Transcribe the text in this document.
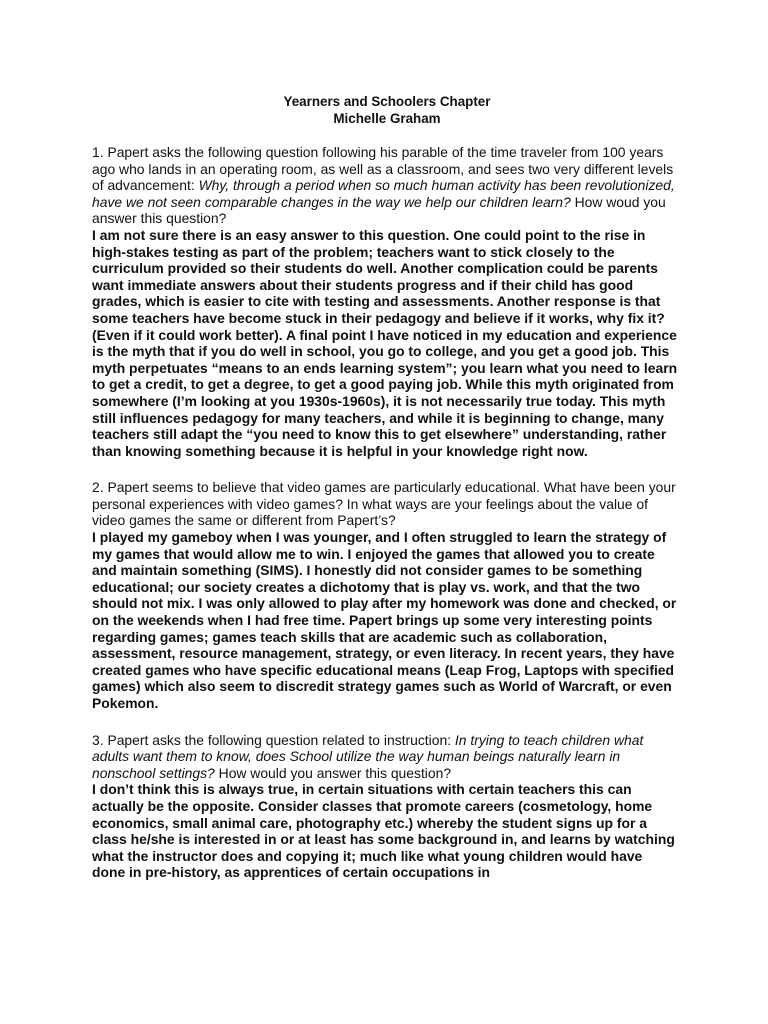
Yearners and Schoolers Chapter
Michelle Graham

1. Papert asks the following question following his parable of the time traveler from 100 years ago who lands in an operating room, as well as a classroom, and sees two very different levels of advancement: Why, through a period when so much human activity has been revolutionized, have we not seen comparable changes in the way we help our children learn? How woud you answer this question?

I am not sure there is an easy answer to this question. One could point to the rise in high-stakes testing as part of the problem; teachers want to stick closely to the curriculum provided so their students do well. Another complication could be parents want immediate answers about their students progress and if their child has good grades, which is easier to cite with testing and assessments. Another response is that some teachers have become stuck in their pedagogy and believe if it works, why fix it? (Even if it could work better). A final point I have noticed in my education and experience is the myth that if you do well in school, you go to college, and you get a good job. This myth perpetuates “means to an ends learning system”; you learn what you need to learn to get a credit, to get a degree, to get a good paying job. While this myth originated from somewhere (I’m looking at you 1930s-1960s), it is not necessarily true today. This myth still influences pedagogy for many teachers, and while it is beginning to change, many teachers still adapt the “you need to know this to get elsewhere” understanding, rather than knowing something because it is helpful in your knowledge right now.

2. Papert seems to believe that video games are particularly educational. What have been your personal experiences with video games? In what ways are your feelings about the value of video games the same or different from Papert’s?

I played my gameboy when I was younger, and I often struggled to learn the strategy of my games that would allow me to win. I enjoyed the games that allowed you to create and maintain something (SIMS). I honestly did not consider games to be something educational; our society creates a dichotomy that is play vs. work, and that the two should not mix. I was only allowed to play after my homework was done and checked, or on the weekends when I had free time. Papert brings up some very interesting points regarding games; games teach skills that are academic such as collaboration, assessment, resource management, strategy, or even literacy. In recent years, they have created games who have specific educational means (Leap Frog, Laptops with specified games) which also seem to discredit strategy games such as World of Warcraft, or even Pokemon.

3. Papert asks the following question related to instruction: In trying to teach children what adults want them to know, does School utilize the way human beings naturally learn in nonschool settings? How would you answer this question?

I don’t think this is always true, in certain situations with certain teachers this can actually be the opposite. Consider classes that promote careers (cosmetology, home economics, small animal care, photography etc.) whereby the student signs up for a class he/she is interested in or at least has some background in, and learns by watching what the instructor does and copying it; much like what young children would have done in pre-history, as apprentices of certain occupations in
